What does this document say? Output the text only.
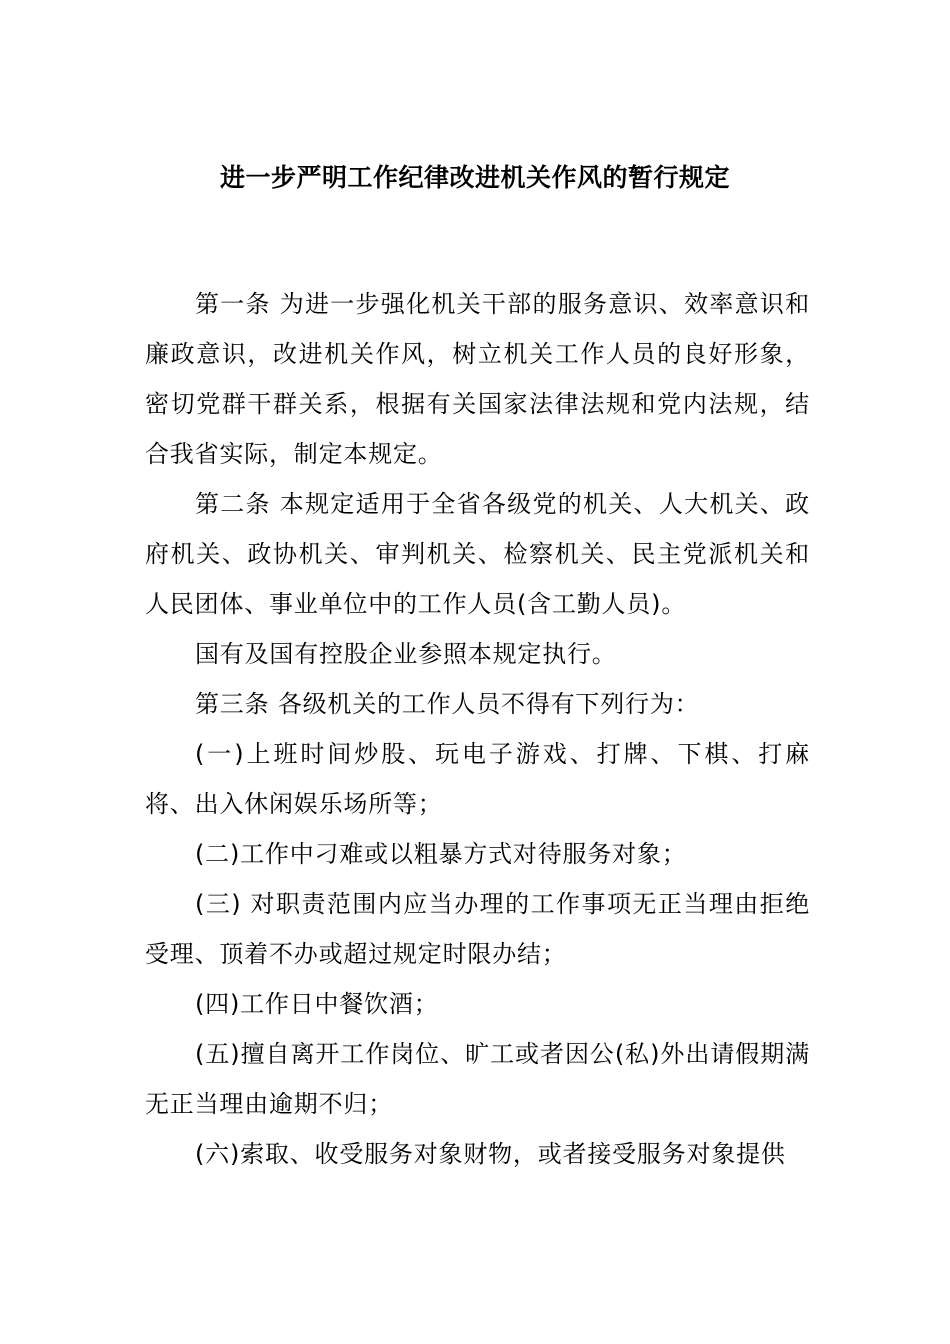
进一步严明工作纪律改进机关作风的暂行规定

第一条 为进一步强化机关干部的服务意识、效率意识和廉政意识，改进机关作风，树立机关工作人员的良好形象，密切党群干群关系，根据有关国家法律法规和党内法规，结合我省实际，制定本规定。

第二条 本规定适用于全省各级党的机关、人大机关、政府机关、政协机关、审判机关、检察机关、民主党派机关和人民团体、事业单位中的工作人员(含工勤人员)。

国有及国有控股企业参照本规定执行。

第三条 各级机关的工作人员不得有下列行为：

(一)上班时间炒股、玩电子游戏、打牌、下棋、打麻将、出入休闲娱乐场所等；

(二)工作中刁难或以粗暴方式对待服务对象；

(三) 对职责范围内应当办理的工作事项无正当理由拒绝受理、顶着不办或超过规定时限办结；

(四)工作日中餐饮酒；

(五)擅自离开工作岗位、旷工或者因公(私)外出请假期满无正当理由逾期不归；

(六)索取、收受服务对象财物，或者接受服务对象提供
